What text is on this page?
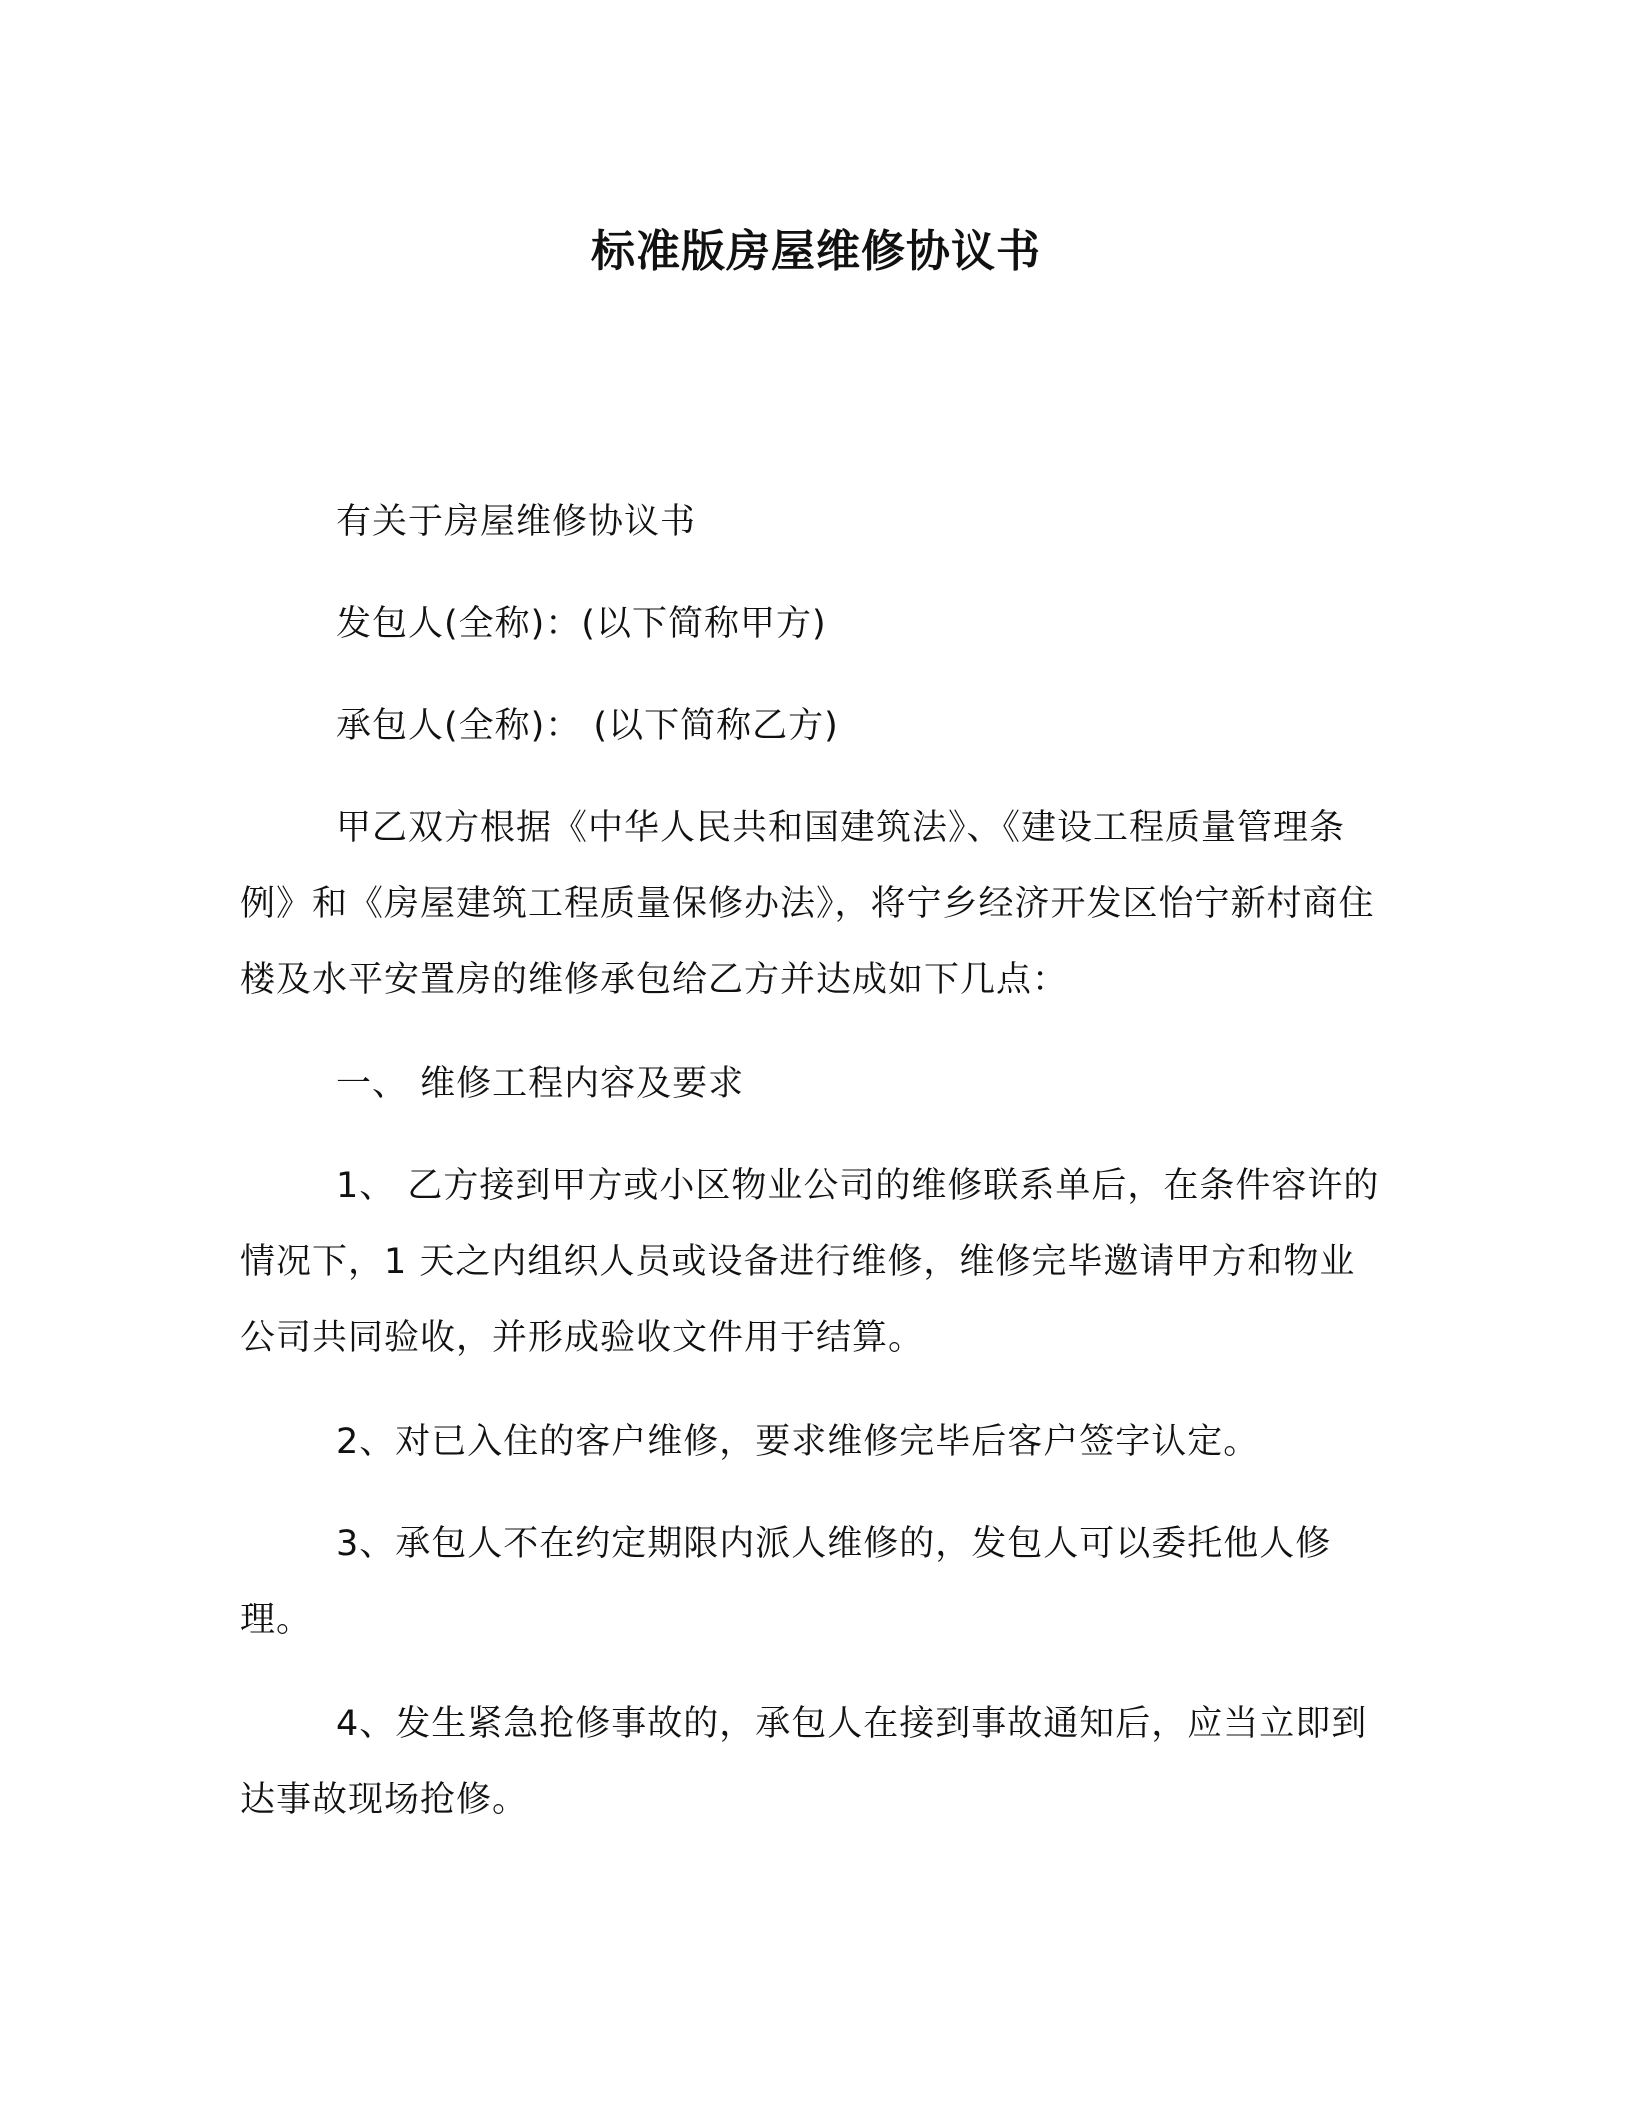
标准版房屋维修协议书
有关于房屋维修协议书
发包人(全称)：(以下简称甲方)
承包人(全称)： (以下简称乙方)
甲乙双方根据《中华人民共和国建筑法》、《建设工程质量管理条例》和《房屋建筑工程质量保修办法》，将宁乡经济开发区怡宁新村商住楼及水平安置房的维修承包给乙方并达成如下几点：
一、 维修工程内容及要求
1、 乙方接到甲方或小区物业公司的维修联系单后，在条件容许的情况下，1 天之内组织人员或设备进行维修，维修完毕邀请甲方和物业公司共同验收，并形成验收文件用于结算。
2、对已入住的客户维修，要求维修完毕后客户签字认定。
3、承包人不在约定期限内派人维修的，发包人可以委托他人修理。
4、发生紧急抢修事故的，承包人在接到事故通知后，应当立即到达事故现场抢修。
